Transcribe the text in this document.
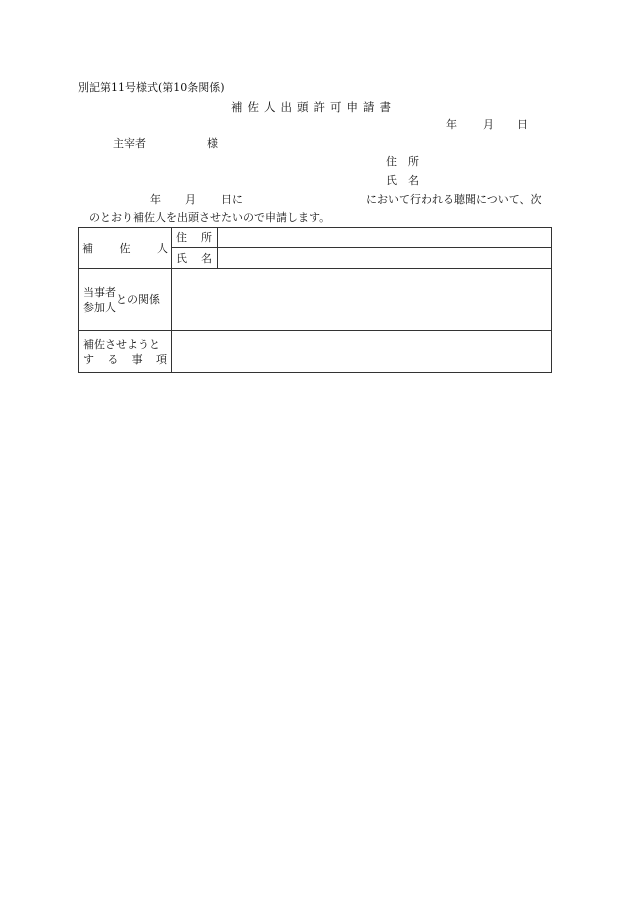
別記第11号様式(第10条関係)
補佐人出頭許可申請書
年 月 日
主宰者	様
住　所
氏　名
年 月 日に	において行われる聴聞について、次
のとおり補佐人を出頭させたいので申請します。
補 佐 人	住 所	

	氏 名	

当事者
参加人
との関係		

補佐させようと
す る 事 項		
